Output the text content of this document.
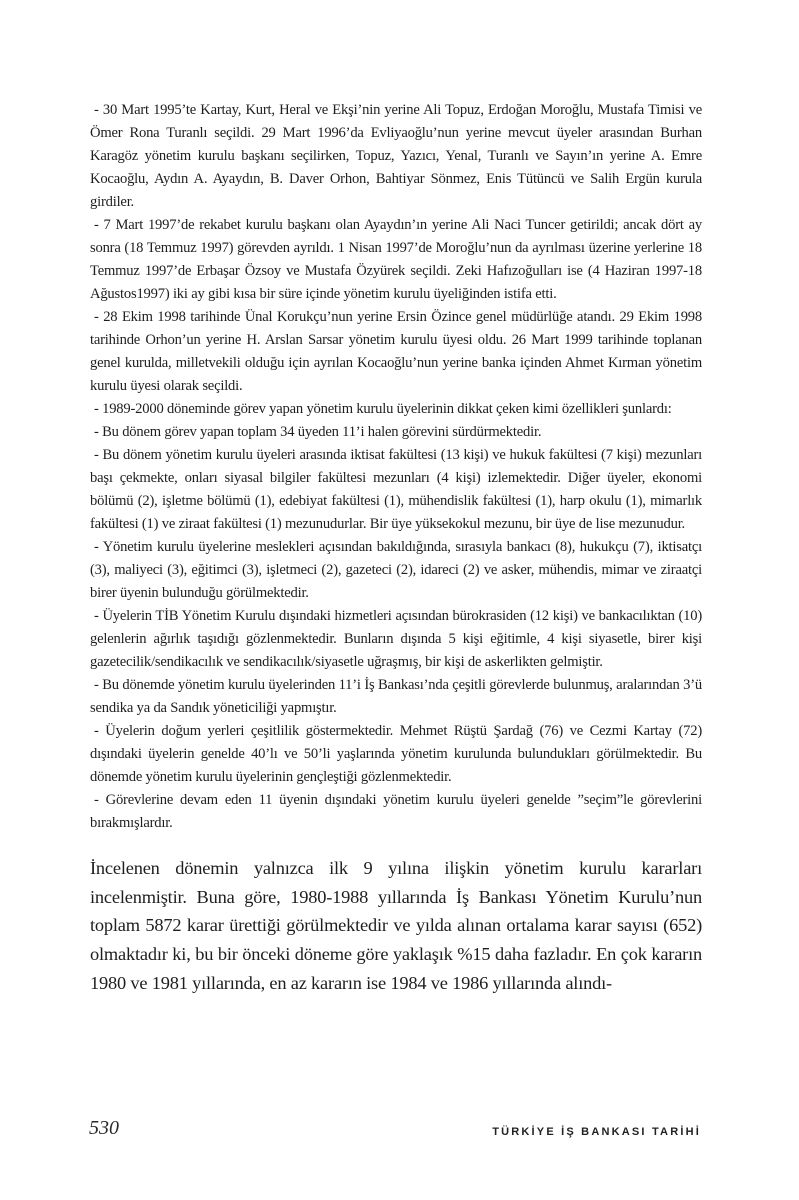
- 30 Mart 1995’te Kartay, Kurt, Heral ve Ekşi’nin yerine Ali Topuz, Erdoğan Moroğlu, Mustafa Timisi ve Ömer Rona Turanlı seçildi. 29 Mart 1996’da Evliyaoğlu’nun yerine mevcut üyeler arasından Burhan Karagöz yönetim kurulu başkanı seçilirken, Topuz, Yazıcı, Yenal, Turanlı ve Sayın’ın yerine A. Emre Kocaoğlu, Aydın A. Ayaydın, B. Daver Orhon, Bahtiyar Sönmez, Enis Tütüncü ve Salih Ergün kurula girdiler.

- 7 Mart 1997’de rekabet kurulu başkanı olan Ayaydın’ın yerine Ali Naci Tuncer getirildi; ancak dört ay sonra (18 Temmuz 1997) görevden ayrıldı. 1 Nisan 1997’de Moroğlu’nun da ayrılması üzerine yerlerine 18 Temmuz 1997’de Erbaşar Özsoy ve Mustafa Özyürek seçildi. Zeki Hafızoğulları ise (4 Haziran 1997-18 Ağustos1997) iki ay gibi kısa bir süre içinde yönetim kurulu üyeliğinden istifa etti.

- 28 Ekim 1998 tarihinde Ünal Korukçu’nun yerine Ersin Özince genel müdürlüğe atandı. 29 Ekim 1998 tarihinde Orhon’un yerine H. Arslan Sarsar yönetim kurulu üyesi oldu. 26 Mart 1999 tarihinde toplanan genel kurulda, milletvekili olduğu için ayrılan Kocaoğlu’nun yerine banka içinden Ahmet Kırman yönetim kurulu üyesi olarak seçildi.

- 1989-2000 döneminde görev yapan yönetim kurulu üyelerinin dikkat çeken kimi özellikleri şunlardı:

- Bu dönem görev yapan toplam 34 üyeden 11’i halen görevini sürdürmektedir.

- Bu dönem yönetim kurulu üyeleri arasında iktisat fakültesi (13 kişi) ve hukuk fakültesi (7 kişi) mezunları başı çekmekte, onları siyasal bilgiler fakültesi mezunları (4 kişi) izlemektedir. Diğer üyeler, ekonomi bölümü (2), işletme bölümü (1), edebiyat fakültesi (1), mühendislik fakültesi (1), harp okulu (1), mimarlık fakültesi (1) ve ziraat fakültesi (1) mezunudurlar. Bir üye yüksekokul mezunu, bir üye de lise mezunudur.

- Yönetim kurulu üyelerine meslekleri açısından bakıldığında, sırasıyla bankacı (8), hukukçu (7), iktisatçı (3), maliyeci (3), eğitimci (3), işletmeci (2), gazeteci (2), idareci (2) ve asker, mühendis, mimar ve ziraatçi birer üyenin bulunduğu görülmektedir.

- Üyelerin TİB Yönetim Kurulu dışındaki hizmetleri açısından bürokrasiden (12 kişi) ve bankacılıktan (10) gelenlerin ağırlık taşıdığı gözlenmektedir. Bunların dışında 5 kişi eğitimle, 4 kişi siyasetle, birer kişi gazetecilik/sendikacılık ve sendikacılık/siyasetle uğraşmış, bir kişi de askerlikten gelmiştir.

- Bu dönemde yönetim kurulu üyelerinden 11’i İş Bankası’nda çeşitli görevlerde bulunmuş, aralarından 3’ü sendika ya da Sandık yöneticiliği yapmıştır.

- Üyelerin doğum yerleri çeşitlilik göstermektedir. Mehmet Rüştü Şardağ (76) ve Cezmi Kartay (72) dışındaki üyelerin genelde 40’lı ve 50’li yaşlarında yönetim kurulunda bulundukları görülmektedir. Bu dönemde yönetim kurulu üyelerinin gençleştiği gözlenmektedir.

- Görevlerine devam eden 11 üyenin dışındaki yönetim kurulu üyeleri genelde ”seçim”le görevlerini bırakmışlardır.

İncelenen dönemin yalnızca ilk 9 yılına ilişkin yönetim kurulu kararları incelenmiştir. Buna göre, 1980-1988 yıllarında İş Bankası Yönetim Kurulu’nun toplam 5872 karar ürettiği görülmektedir ve yılda alınan ortalama karar sayısı (652) olmaktadır ki, bu bir önceki döneme göre yaklaşık %15 daha fazladır. En çok kararın 1980 ve 1981 yıllarında, en az kararın ise 1984 ve 1986 yıllarında alındı-

530	TÜRKİYE İŞ BANKASI TARİHİ
